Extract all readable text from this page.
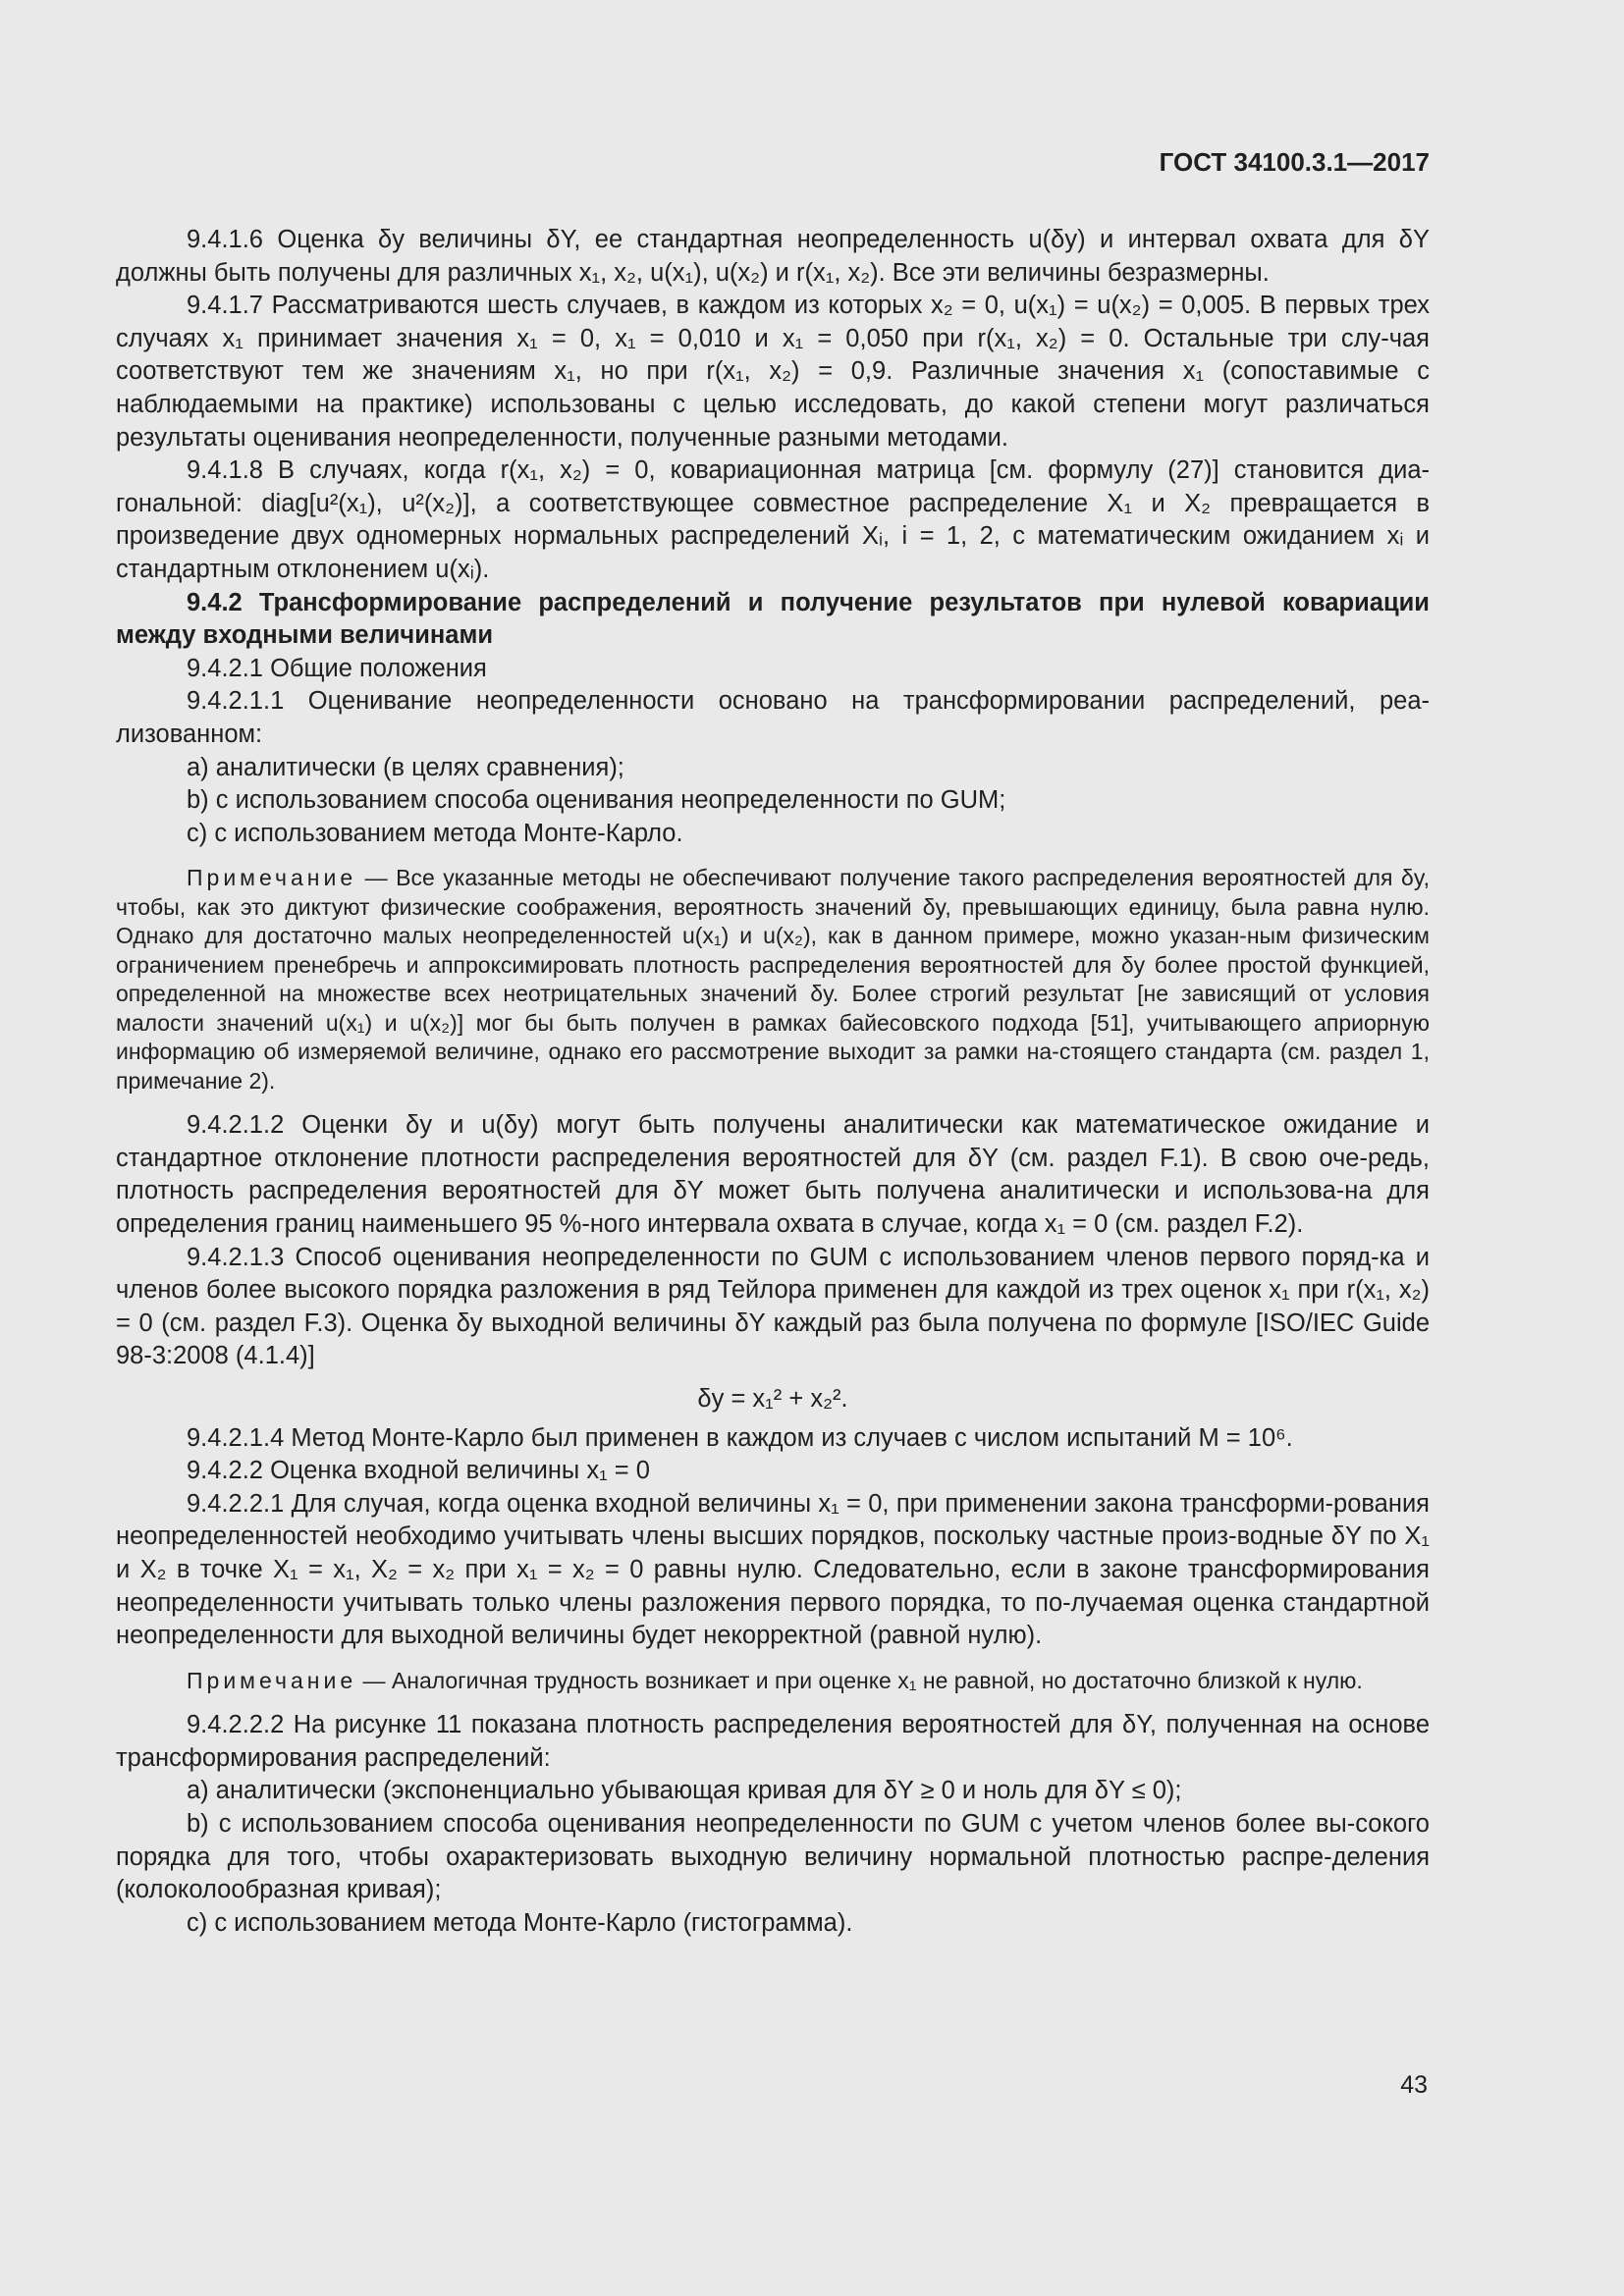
ГОСТ 34100.3.1—2017

9.4.1.6 Оценка δy величины δY, ее стандартная неопределенность u(δy) и интервал охвата для δY должны быть получены для различных x₁, x₂, u(x₁), u(x₂) и r(x₁, x₂). Все эти величины безразмерны.

9.4.1.7 Рассматриваются шесть случаев, в каждом из которых x₂ = 0, u(x₁) = u(x₂) = 0,005. В первых трех случаях x₁ принимает значения x₁ = 0, x₁ = 0,010 и x₁ = 0,050 при r(x₁, x₂) = 0. Остальные три слу-чая соответствуют тем же значениям x₁, но при r(x₁, x₂) = 0,9. Различные значения x₁ (сопоставимые с наблюдаемыми на практике) использованы с целью исследовать, до какой степени могут различаться результаты оценивания неопределенности, полученные разными методами.

9.4.1.8 В случаях, когда r(x₁, x₂) = 0, ковариационная матрица [см. формулу (27)] становится диа-гональной: diag[u²(x₁), u²(x₂)], а соответствующее совместное распределение X₁ и X₂ превращается в произведение двух одномерных нормальных распределений Xᵢ, i = 1, 2, с математическим ожиданием xᵢ и стандартным отклонением u(xᵢ).

9.4.2 Трансформирование распределений и получение результатов при нулевой ковариации между входными величинами

9.4.2.1 Общие положения

9.4.2.1.1 Оценивание неопределенности основано на трансформировании распределений, реа-лизованном:

a) аналитически (в целях сравнения);

b) с использованием способа оценивания неопределенности по GUM;

c) с использованием метода Монте-Карло.

Примечание — Все указанные методы не обеспечивают получение такого распределения вероятностей для δy, чтобы, как это диктуют физические соображения, вероятность значений δy, превышающих единицу, была равна нулю. Однако для достаточно малых неопределенностей u(x₁) и u(x₂), как в данном примере, можно указан-ным физическим ограничением пренебречь и аппроксимировать плотность распределения вероятностей для δy более простой функцией, определенной на множестве всех неотрицательных значений δy. Более строгий результат [не зависящий от условия малости значений u(x₁) и u(x₂)] мог бы быть получен в рамках байесовского подхода [51], учитывающего априорную информацию об измеряемой величине, однако его рассмотрение выходит за рамки на-стоящего стандарта (см. раздел 1, примечание 2).

9.4.2.1.2 Оценки δy и u(δy) могут быть получены аналитически как математическое ожидание и стандартное отклонение плотности распределения вероятностей для δY (см. раздел F.1). В свою оче-редь, плотность распределения вероятностей для δY может быть получена аналитически и использова-на для определения границ наименьшего 95 %-ного интервала охвата в случае, когда x₁ = 0 (см. раздел F.2).

9.4.2.1.3 Способ оценивания неопределенности по GUM с использованием членов первого поряд-ка и членов более высокого порядка разложения в ряд Тейлора применен для каждой из трех оценок x₁ при r(x₁, x₂) = 0 (см. раздел F.3). Оценка δy выходной величины δY каждый раз была получена по формуле [ISO/IEC Guide 98-3:2008 (4.1.4)]

δy = x₁² + x₂².

9.4.2.1.4 Метод Монте-Карло был применен в каждом из случаев с числом испытаний M = 10⁶.

9.4.2.2 Оценка входной величины x₁ = 0

9.4.2.2.1 Для случая, когда оценка входной величины x₁ = 0, при применении закона трансформи-рования неопределенностей необходимо учитывать члены высших порядков, поскольку частные произ-водные δY по X₁ и X₂ в точке X₁ = x₁, X₂ = x₂ при x₁ = x₂ = 0 равны нулю. Следовательно, если в законе трансформирования неопределенности учитывать только члены разложения первого порядка, то по-лучаемая оценка стандартной неопределенности для выходной величины будет некорректной (равной нулю).

Примечание — Аналогичная трудность возникает и при оценке x₁ не равной, но достаточно близкой к нулю.

9.4.2.2.2 На рисунке 11 показана плотность распределения вероятностей для δY, полученная на основе трансформирования распределений:

a) аналитически (экспоненциально убывающая кривая для δY ≥ 0 и ноль для δY ≤ 0);

b) с использованием способа оценивания неопределенности по GUM с учетом членов более вы-сокого порядка для того, чтобы охарактеризовать выходную величину нормальной плотностью распре-деления (колоколообразная кривая);

c) с использованием метода Монте-Карло (гистограмма).

43
